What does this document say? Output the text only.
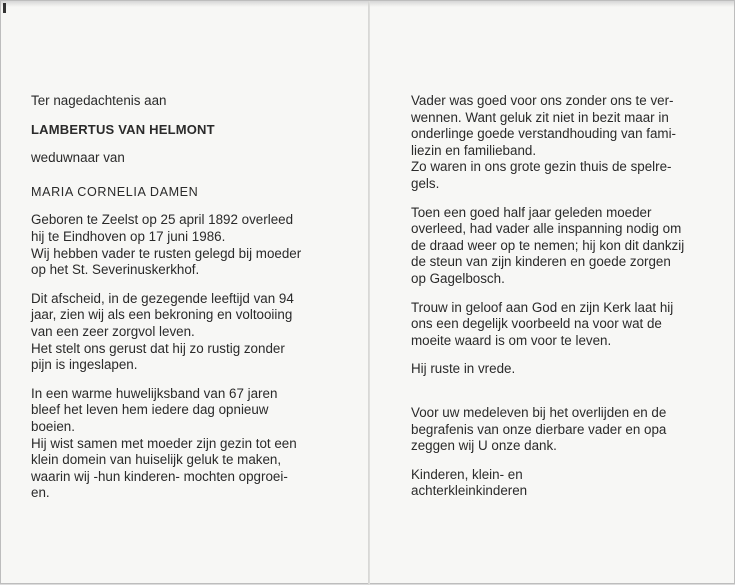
Ter nagedachtenis aan
LAMBERTUS VAN HELMONT
weduwnaar van
MARIA CORNELIA DAMEN
Geboren te Zeelst op 25 april 1892 overleed
hij te Eindhoven op 17 juni 1986.
Wij hebben vader te rusten gelegd bij moeder
op het St. Severinuskerkhof.
Dit afscheid, in de gezegende leeftijd van 94
jaar, zien wij als een bekroning en voltooiing
van een zeer zorgvol leven.
Het stelt ons gerust dat hij zo rustig zonder
pijn is ingeslapen.
In een warme huwelijksband van 67 jaren
bleef het leven hem iedere dag opnieuw
boeien.
Hij wist samen met moeder zijn gezin tot een
klein domein van huiselijk geluk te maken,
waarin wij -hun kinderen- mochten opgroei-
en.
Vader was goed voor ons zonder ons te ver-
wennen. Want geluk zit niet in bezit maar in
onderlinge goede verstandhouding van fami-
liezin en familieband.
Zo waren in ons grote gezin thuis de spelre-
gels.
Toen een goed half jaar geleden moeder
overleed, had vader alle inspanning nodig om
de draad weer op te nemen; hij kon dit dankzij
de steun van zijn kinderen en goede zorgen
op Gagelbosch.
Trouw in geloof aan God en zijn Kerk laat hij
ons een degelijk voorbeeld na voor wat de
moeite waard is om voor te leven.
Hij ruste in vrede.
Voor uw medeleven bij het overlijden en de
begrafenis van onze dierbare vader en opa
zeggen wij U onze dank.
Kinderen, klein- en
achterkleinkinderen
